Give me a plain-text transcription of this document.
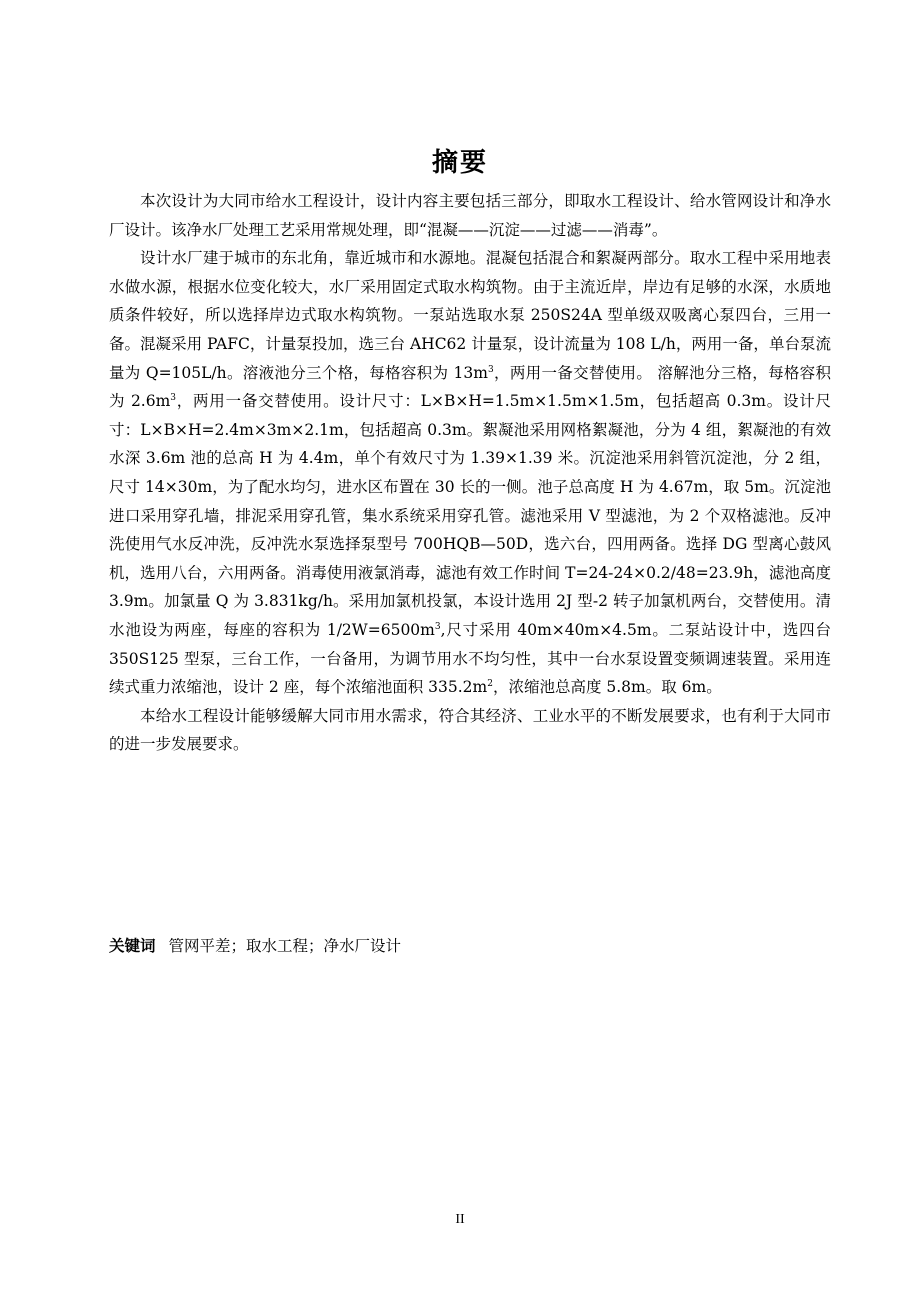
摘要

本次设计为大同市给水工程设计，设计内容主要包括三部分，即取水工程设计、给水管网设计和净水厂设计。该净水厂处理工艺采用常规处理，即“混凝——沉淀——过滤——消毒”。

设计水厂建于城市的东北角，靠近城市和水源地。混凝包括混合和絮凝两部分。取水工程中采用地表水做水源，根据水位变化较大，水厂采用固定式取水构筑物。由于主流近岸，岸边有足够的水深，水质地质条件较好，所以选择岸边式取水构筑物。一泵站选取水泵 250S24A 型单级双吸离心泵四台，三用一备。混凝采用 PAFC，计量泵投加，选三台 AHC62 计量泵，设计流量为 108 L/h，两用一备，单台泵流量为 Q=105L/h。溶液池分三个格，每格容积为 $13m^3$，两用一备交替使用。 溶解池分三格，每格容积为 $2.6m^3$，两用一备交替使用。设计尺寸：L×B×H=1.5m×1.5m×1.5m，包括超高 0.3m。设计尺寸：L×B×H=2.4m×3m×2.1m，包括超高 0.3m。絮凝池采用网格絮凝池，分为 4 组，絮凝池的有效水深 3.6m 池的总高 H 为 4.4m，单个有效尺寸为 1.39×1.39 米。沉淀池采用斜管沉淀池，分 2 组，尺寸 14×30m，为了配水均匀，进水区布置在 30 长的一侧。池子总高度 H 为 4.67m，取 5m。沉淀池进口采用穿孔墙，排泥采用穿孔管，集水系统采用穿孔管。滤池采用 V 型滤池，为 2 个双格滤池。反冲洗使用气水反冲洗，反冲洗水泵选择泵型号 700HQB—50D，选六台，四用两备。选择 DG 型离心鼓风机，选用八台，六用两备。消毒使用液氯消毒，滤池有效工作时间 T=24-24×0.2/48=23.9h，滤池高度 3.9m。加氯量 Q 为 3.831kg/h。采用加氯机投氯，本设计选用 2J 型-2 转子加氯机两台，交替使用。清水池设为两座，每座的容积为 $1/2W=6500m^3$,尺寸采用 40m×40m×4.5m。二泵站设计中，选四台 350S125 型泵，三台工作，一台备用，为调节用水不均匀性，其中一台水泵设置变频调速装置。采用连续式重力浓缩池，设计 2 座，每个浓缩池面积 $335.2m^2$，浓缩池总高度 5.8m。取 6m。

本给水工程设计能够缓解大同市用水需求，符合其经济、工业水平的不断发展要求，也有利于大同市的进一步发展要求。

关键词 管网平差；取水工程；净水厂设计
II
